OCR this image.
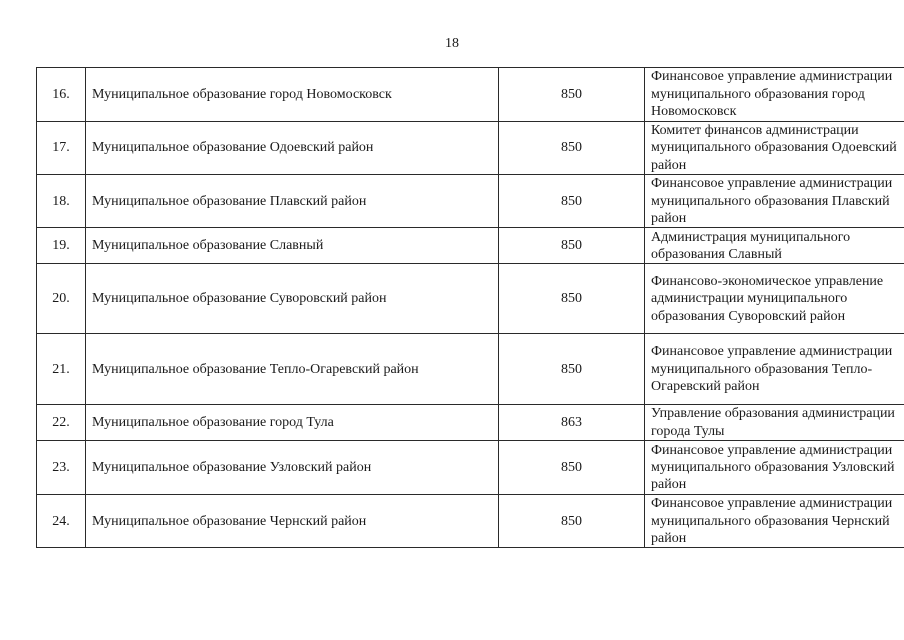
18
16.	Муниципальное образование город Новомосковск	850	Финансовое управление администрации муниципального образования город Новомосковск
17.	Муниципальное образование Одоевский район	850	Комитет финансов администрации муниципального образования Одоевский район
18.	Муниципальное образование Плавский район	850	Финансовое управление администрации муниципального образования Плавский район
19.	Муниципальное образование Славный	850	Администрация муниципального образования Славный
20.	Муниципальное образование Суворовский район	850	Финансово-экономическое управление администрации муниципального образования Суворовский район
21.	Муниципальное образование Тепло-Огаревский район	850	Финансовое управление администрации муниципального образования Тепло-Огаревский район
22.	Муниципальное образование город Тула	863	Управление образования администрации города Тулы
23.	Муниципальное образование Узловский район	850	Финансовое управление администрации муниципального образования Узловский район
24.	Муниципальное образование Чернский район	850	Финансовое управление администрации муниципального образования Чернский район
